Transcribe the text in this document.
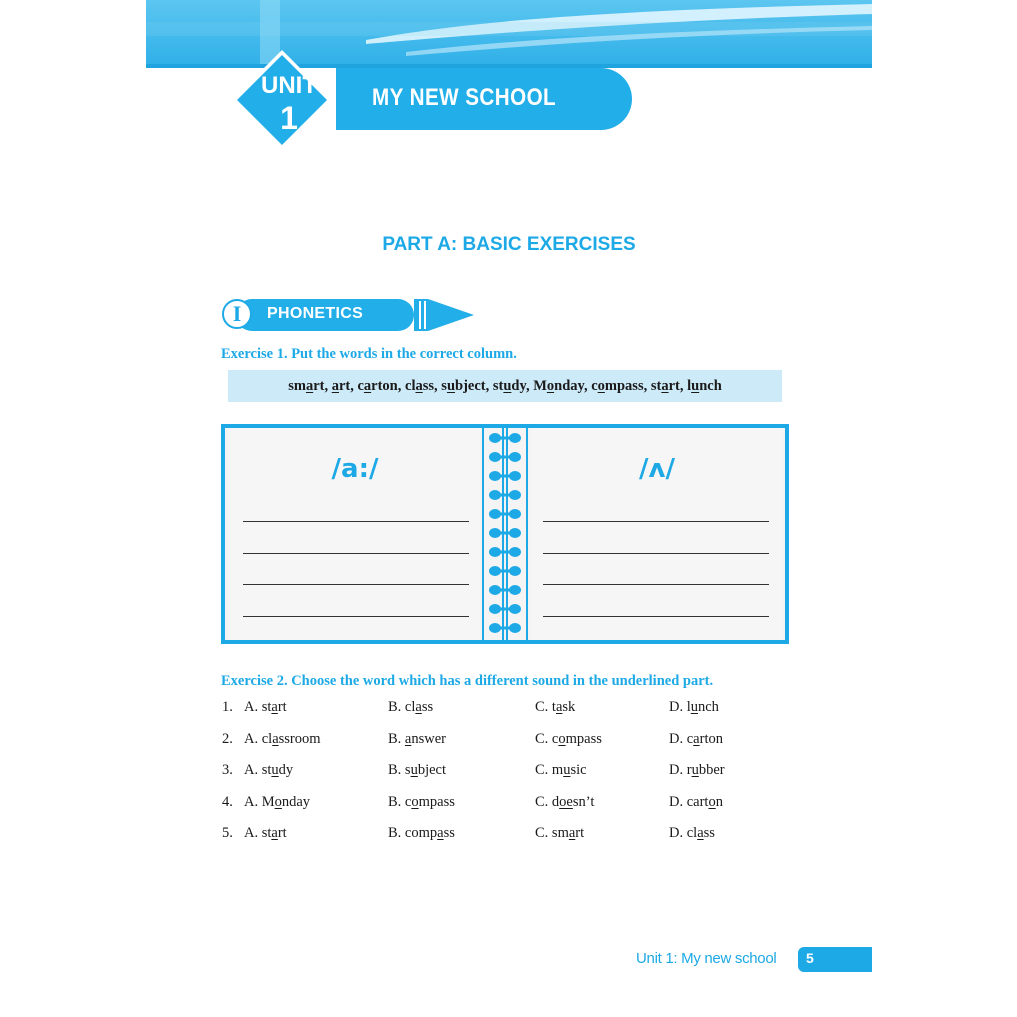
MY NEW SCHOOL
UNIT
1
PART A: BASIC EXERCISES
I	PHONETICS
Exercise 1. Put the words in the correct column.
smart, art, carton, class, subject, study, Monday, compass, start, lunch
/a:/	/ʌ/
Exercise 2. Choose the word which has a different sound in the underlined part.
1. A. start	B. class	C. task	D. lunch
2. A. classroom	B. answer	C. compass	D. carton
3. A. study	B. subject	C. music	D. rubber
4. A. Monday	B. compass	C. doesn’t	D. carton
5. A. start	B. compass	C. smart	D. class
Unit 1: My new school 5
